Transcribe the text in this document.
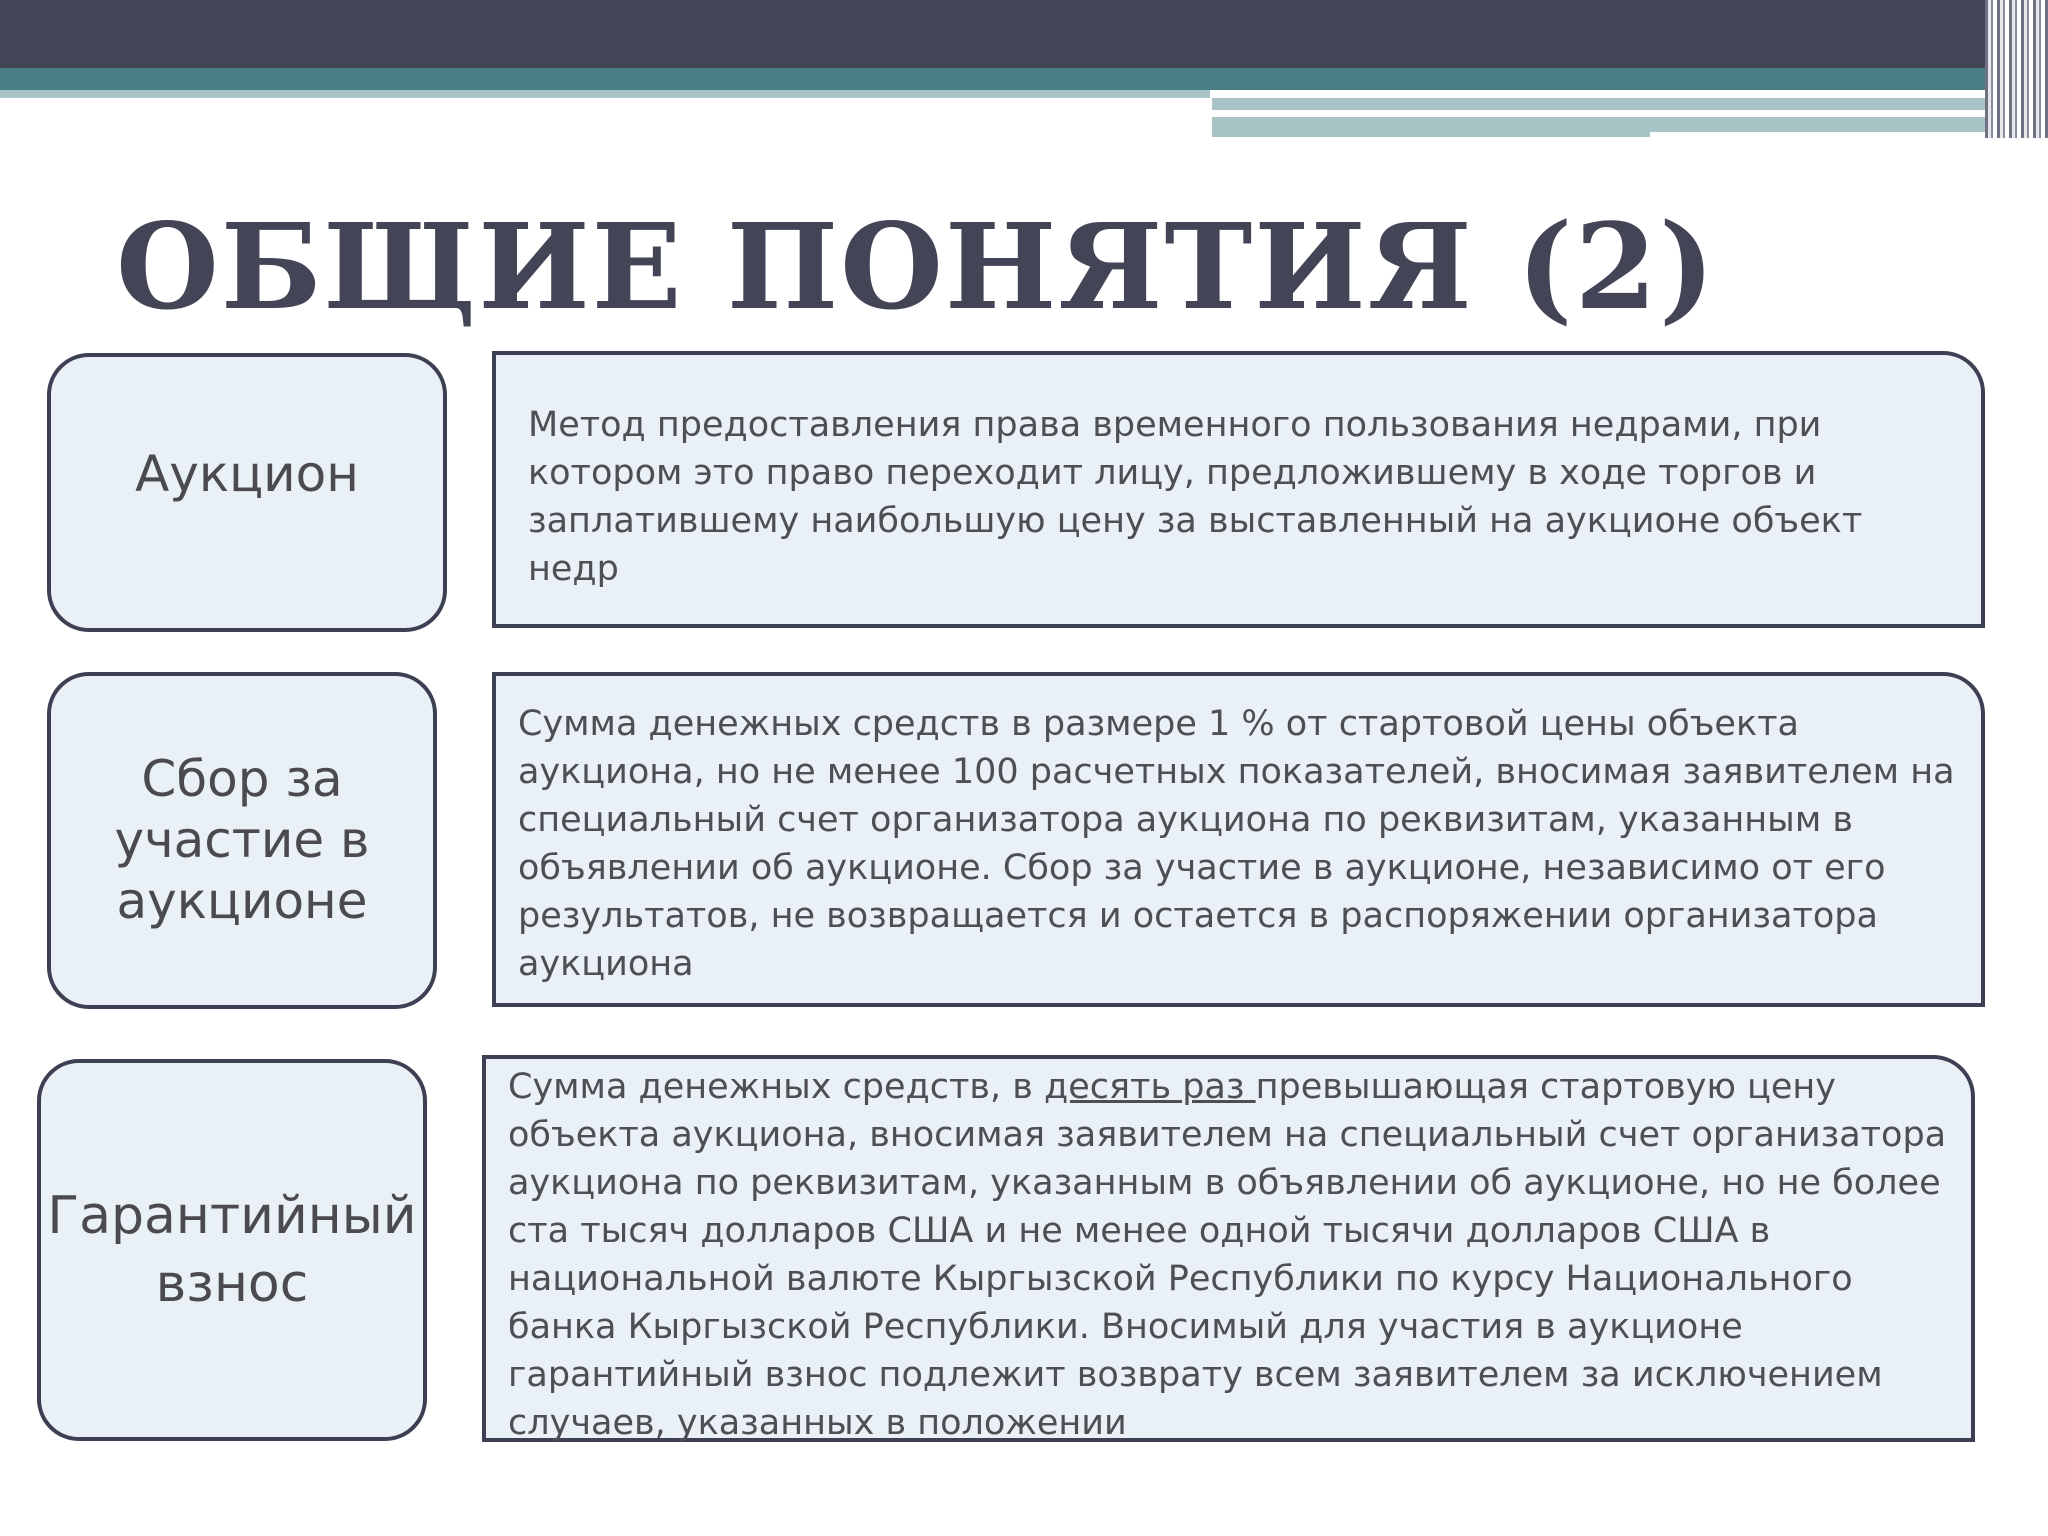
ОБЩИЕ ПОНЯТИЯ (2)
Аукцион
Метод предоставления права временного пользования недрами, при
котором это право переходит лицу, предложившему в ходе торгов и
заплатившему наибольшую цену за выставленный на аукционе объект
недр
Сбор за
участие в
аукционе
Сумма денежных средств в размере 1 % от стартовой цены объекта
аукциона, но не менее 100 расчетных показателей, вносимая заявителем на
специальный счет организатора аукциона по реквизитам, указанным в
объявлении об аукционе. Сбор за участие в аукционе, независимо от его
результатов, не возвращается и остается в распоряжении организатора
аукциона
Гарантийный
взнос
Сумма денежных средств, в десять раз превышающая стартовую цену
объекта аукциона, вносимая заявителем на специальный счет организатора
аукциона по реквизитам, указанным в объявлении об аукционе, но не более
ста тысяч долларов США и не менее одной тысячи долларов США в
национальной валюте Кыргызской Республики по курсу Национального
банка Кыргызской Республики. Вносимый для участия в аукционе
гарантийный взнос подлежит возврату всем заявителем за исключением
случаев, указанных в положении
